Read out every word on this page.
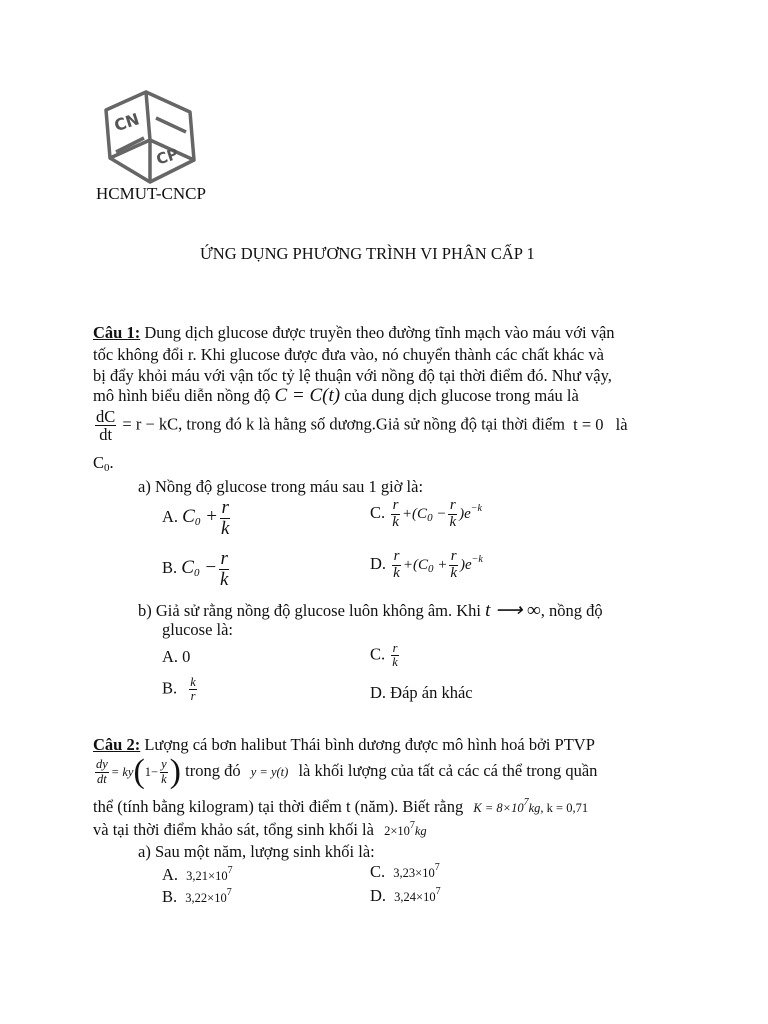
CN
CP
HCMUT-CNCP
ỨNG DỤNG PHƯƠNG TRÌNH VI PHÂN CẤP 1
Câu 1: Dung dịch glucose được truyền theo đường tĩnh mạch vào máu với vận
tốc không đổi r. Khi glucose được đưa vào, nó chuyển thành các chất khác và
bị đẩy khỏi máu với vận tốc tỷ lệ thuận với nồng độ tại thời điểm đó. Như vậy,
mô hình biểu diễn nồng độ C = C(t) của dung dịch glucose trong máu là
$\frac{dC}{dt} = r$ − kC, trong đó k là hằng số dương.Giả sử nồng độ tại thời điểm t = 0 là
$C_0$.
a) Nồng độ glucose trong máu sau 1 giờ là:
A. $C_0 + \frac{r}{k}$	C. $\frac{r}{k} +(C_0 - \frac{r}{k} )e^{-k}$
B. $C_0 - \frac{r}{k}$	D. $\frac{r}{k} +(C_0 + \frac{r}{k} )e^{-k}$
b) Giả sử rằng nồng độ glucose luôn không âm. Khi t ⟶ ∞, nồng độ
glucose là:
A. 0	C. $\frac{r}{k}$
B. $\frac{k}{r}$	D. Đáp án khác
Câu 2: Lượng cá bơn halibut Thái bình dương được mô hình hoá bởi PTVP
$\frac{dy}{dt} = ky(1- \frac{y}{k}$ ) trong đó y = y(t) là khối lượng của tất cả các cá thể trong quần
thể (tính bằng kilogram) tại thời điểm t (năm). Biết rằng $K = 8\times 10^7kg$, k = 0,71
và tại thời điểm khảo sát, tổng sinh khối là $2\times 10^7kg$
a) Sau một năm, lượng sinh khối là:
A. $3,21\times 10^7$	C. $3,23\times 10^7$
B. $3,22\times 10^7$	D. $3,24\times 10^7$
